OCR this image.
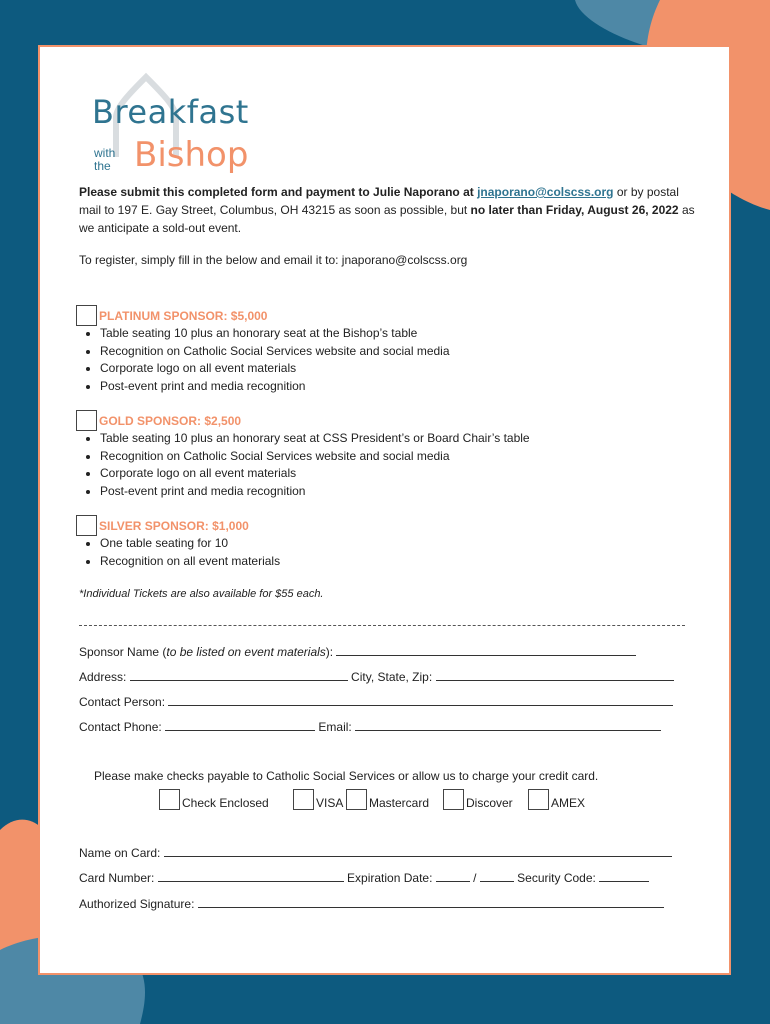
Breakfast
with
the Bishop
Please submit this completed form and payment to Julie Naporano at jnaporano@colscss.org or by postal mail to 197 E. Gay Street, Columbus, OH 43215 as soon as possible, but no later than Friday, August 26, 2022 as we anticipate a sold-out event.
To register, simply fill in the below and email it to: jnaporano@colscss.org
PLATINUM SPONSOR: $5,000
• Table seating 10 plus an honorary seat at the Bishop’s table
• Recognition on Catholic Social Services website and social media
• Corporate logo on all event materials
• Post-event print and media recognition
GOLD SPONSOR: $2,500
• Table seating 10 plus an honorary seat at CSS President’s or Board Chair’s table
• Recognition on Catholic Social Services website and social media
• Corporate logo on all event materials
• Post-event print and media recognition
SILVER SPONSOR: $1,000
• One table seating for 10
• Recognition on all event materials
*Individual Tickets are also available for $55 each.
Sponsor Name (to be listed on event materials):
Address:	City, State, Zip:
Contact Person:
Contact Phone:	Email:
Please make checks payable to Catholic Social Services or allow us to charge your credit card.
Check Enclosed	VISA	Mastercard	Discover	AMEX
Name on Card:
Card Number:	Expiration Date:	/	Security Code:
Authorized Signature:
